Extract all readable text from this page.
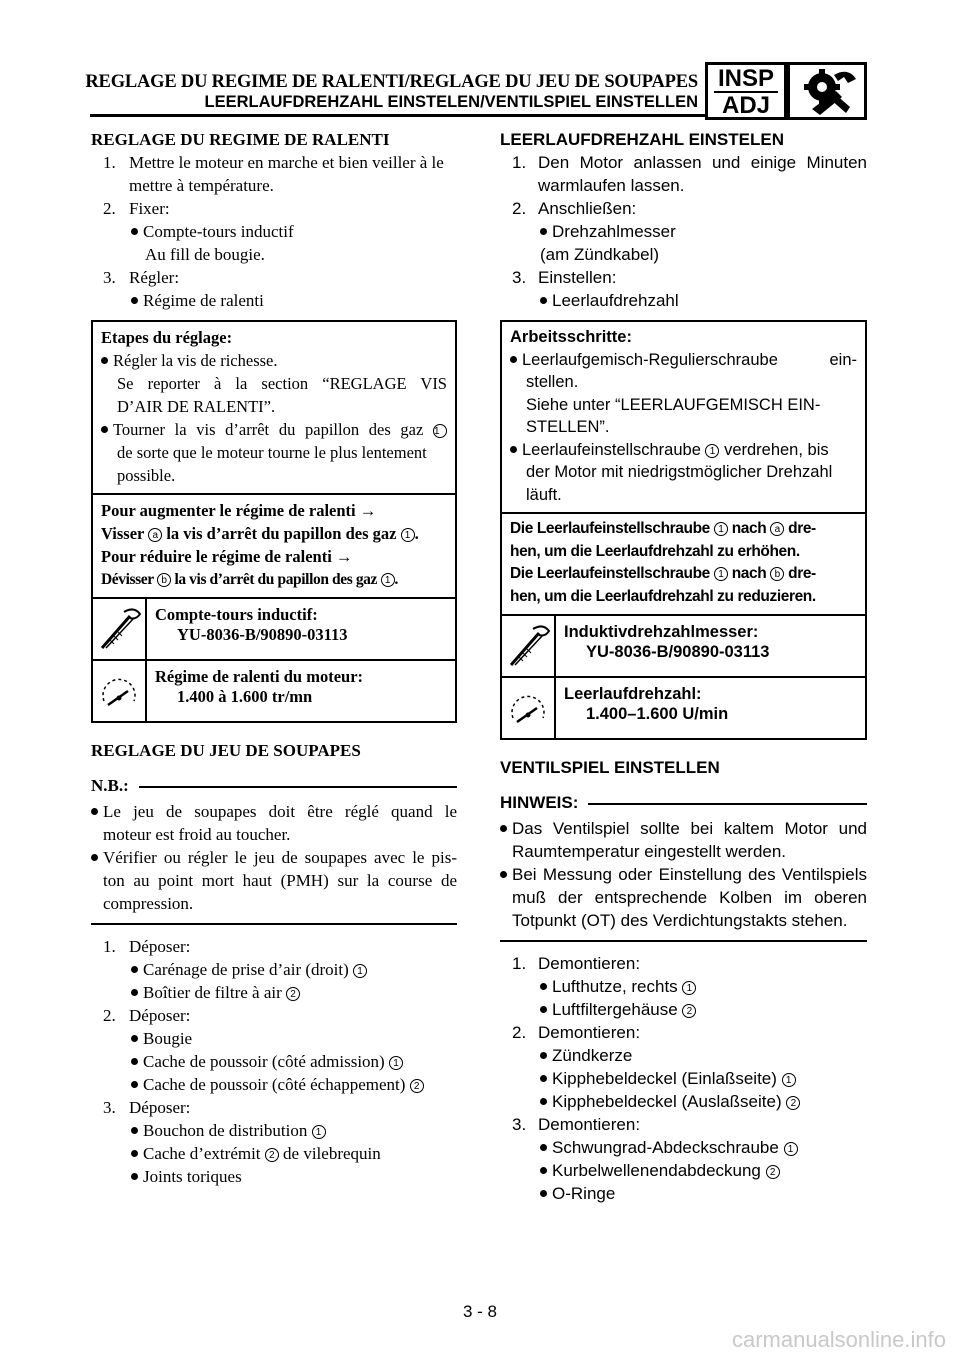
REGLAGE DU REGIME DE RALENTI/REGLAGE DU JEU DE SOUPAPES
LEERLAUFDREHZAHL EINSTELEN/VENTILSPIEL EINSTELLEN
INSP
ADJ
REGLAGE DU REGIME DE RALENTI
1. Mettre le moteur en marche et bien veiller à le
mettre à température.
2. Fixer:
Compte-tours inductif
Au fill de bougie.
3. Régler:
Régime de ralenti
Etapes du réglage:
Régler la vis de richesse.
Se reporter à la section “REGLAGE VIS
D’AIR DE RALENTI”.
Tourner la vis d’arrêt du papillon des gaz 1
de sorte que le moteur tourne le plus lentement
possible.
Pour augmenter le régime de ralenti →
Visser a la vis d’arrêt du papillon des gaz 1 .
Pour réduire le régime de ralenti →
Dévisser b la vis d’arrêt du papillon des gaz 1 .
Compte-tours inductif:
YU-8036-B/90890-03113
Régime de ralenti du moteur:
1.400 à 1.600 tr/mn
REGLAGE DU JEU DE SOUPAPES
N.B.:
Le jeu de soupapes doit être réglé quand le
moteur est froid au toucher.
Vérifier ou régler le jeu de soupapes avec le pis-
ton au point mort haut (PMH) sur la course de
compression.
1. Déposer:
Carénage de prise d’air (droit) 1
Boîtier de filtre à air 2
2. Déposer:
Bougie
Cache de poussoir (côté admission) 1
Cache de poussoir (côté échappement) 2
3. Déposer:
Bouchon de distribution 1
Cache d’extrémit 2 de vilebrequin
Joints toriques
LEERLAUFDREHZAHL EINSTELEN
1. Den Motor anlassen und einige Minuten
warmlaufen lassen.
2. Anschließen:
Drehzahlmesser
(am Zündkabel)
3. Einstellen:
Leerlaufdrehzahl
Arbeitsschritte:
Leerlaufgemisch-Regulierschraube ein-
stellen.
Siehe unter “LEERLAUFGEMISCH EIN-
STELLEN”.
Leerlaufeinstellschraube 1 verdrehen, bis
der Motor mit niedrigstmöglicher Drehzahl
läuft.
Die Leerlaufeinstellschraube 1 nach a dre-
hen, um die Leerlaufdrehzahl zu erhöhen.
Die Leerlaufeinstellschraube 1 nach b dre-
hen, um die Leerlaufdrehzahl zu reduzieren.
Induktivdrehzahlmesser:
YU-8036-B/90890-03113
Leerlaufdrehzahl:
1.400–1.600 U/min
VENTILSPIEL EINSTELLEN
HINWEIS:
Das Ventilspiel sollte bei kaltem Motor und
Raumtemperatur eingestellt werden.
Bei Messung oder Einstellung des Ventilspiels
muß der entsprechende Kolben im oberen
Totpunkt (OT) des Verdichtungstakts stehen.
1. Demontieren:
Lufthutze, rechts 1
Luftfiltergehäuse 2
2. Demontieren:
Zündkerze
Kipphebeldeckel (Einlaßseite) 1
Kipphebeldeckel (Auslaßseite) 2
3. Demontieren:
Schwungrad-Abdeckschraube 1
Kurbelwellenendabdeckung 2
O-Ringe
3 - 8
carmanualsonline.info
